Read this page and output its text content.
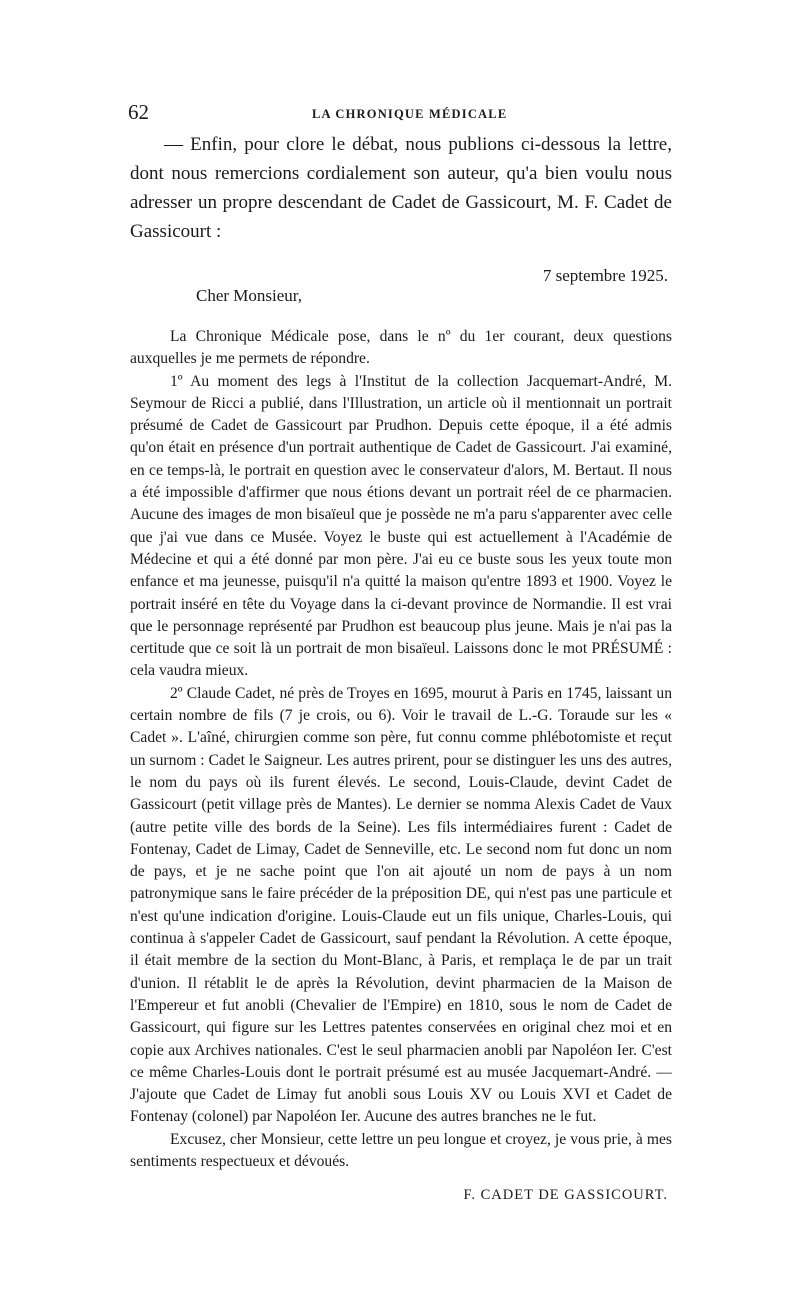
62	LA CHRONIQUE MÉDICALE

— Enfin, pour clore le débat, nous publions ci-dessous la lettre, dont nous remercions cordialement son auteur, qu'a bien voulu nous adresser un propre descendant de Cadet de Gassicourt, M. F. Cadet de Gassicourt :

7 septembre 1925.
Cher Monsieur,

La Chronique Médicale pose, dans le nº du 1er courant, deux questions auxquelles je me permets de répondre.

1º Au moment des legs à l'Institut de la collection Jacquemart-André, M. Seymour de Ricci a publié, dans l'Illustration, un article où il mentionnait un portrait présumé de Cadet de Gassicourt par Prudhon. Depuis cette époque, il a été admis qu'on était en présence d'un portrait authentique de Cadet de Gassicourt. J'ai examiné, en ce temps-là, le portrait en question avec le conservateur d'alors, M. Bertaut. Il nous a été impossible d'affirmer que nous étions devant un portrait réel de ce pharmacien. Aucune des images de mon bisaïeul que je possède ne m'a paru s'apparenter avec celle que j'ai vue dans ce Musée. Voyez le buste qui est actuellement à l'Académie de Médecine et qui a été donné par mon père. J'ai eu ce buste sous les yeux toute mon enfance et ma jeunesse, puisqu'il n'a quitté la maison qu'entre 1893 et 1900. Voyez le portrait inséré en tête du Voyage dans la ci-devant province de Normandie. Il est vrai que le personnage représenté par Prudhon est beaucoup plus jeune. Mais je n'ai pas la certitude que ce soit là un portrait de mon bisaïeul. Laissons donc le mot PRÉSUMÉ : cela vaudra mieux.

2º Claude Cadet, né près de Troyes en 1695, mourut à Paris en 1745, laissant un certain nombre de fils (7 je crois, ou 6). Voir le travail de L.-G. Toraude sur les « Cadet ». L'aîné, chirurgien comme son père, fut connu comme phlébotomiste et reçut un surnom : Cadet le Saigneur. Les autres prirent, pour se distinguer les uns des autres, le nom du pays où ils furent élevés. Le second, Louis-Claude, devint Cadet de Gassicourt (petit village près de Mantes). Le dernier se nomma Alexis Cadet de Vaux (autre petite ville des bords de la Seine). Les fils intermédiaires furent : Cadet de Fontenay, Cadet de Limay, Cadet de Senneville, etc. Le second nom fut donc un nom de pays, et je ne sache point que l'on ait ajouté un nom de pays à un nom patronymique sans le faire précéder de la préposition DE, qui n'est pas une particule et n'est qu'une indication d'origine. Louis-Claude eut un fils unique, Charles-Louis, qui continua à s'appeler Cadet de Gassicourt, sauf pendant la Révolution. A cette époque, il était membre de la section du Mont-Blanc, à Paris, et remplaça le de par un trait d'union. Il rétablit le de après la Révolution, devint pharmacien de la Maison de l'Empereur et fut anobli (Chevalier de l'Empire) en 1810, sous le nom de Cadet de Gassicourt, qui figure sur les Lettres patentes conservées en original chez moi et en copie aux Archives nationales. C'est le seul pharmacien anobli par Napoléon Ier. C'est ce même Charles-Louis dont le portrait présumé est au musée Jacquemart-André. — J'ajoute que Cadet de Limay fut anobli sous Louis XV ou Louis XVI et Cadet de Fontenay (colonel) par Napoléon Ier. Aucune des autres branches ne le fut.

Excusez, cher Monsieur, cette lettre un peu longue et croyez, je vous prie, à mes sentiments respectueux et dévoués.

F. CADET DE GASSICOURT.
